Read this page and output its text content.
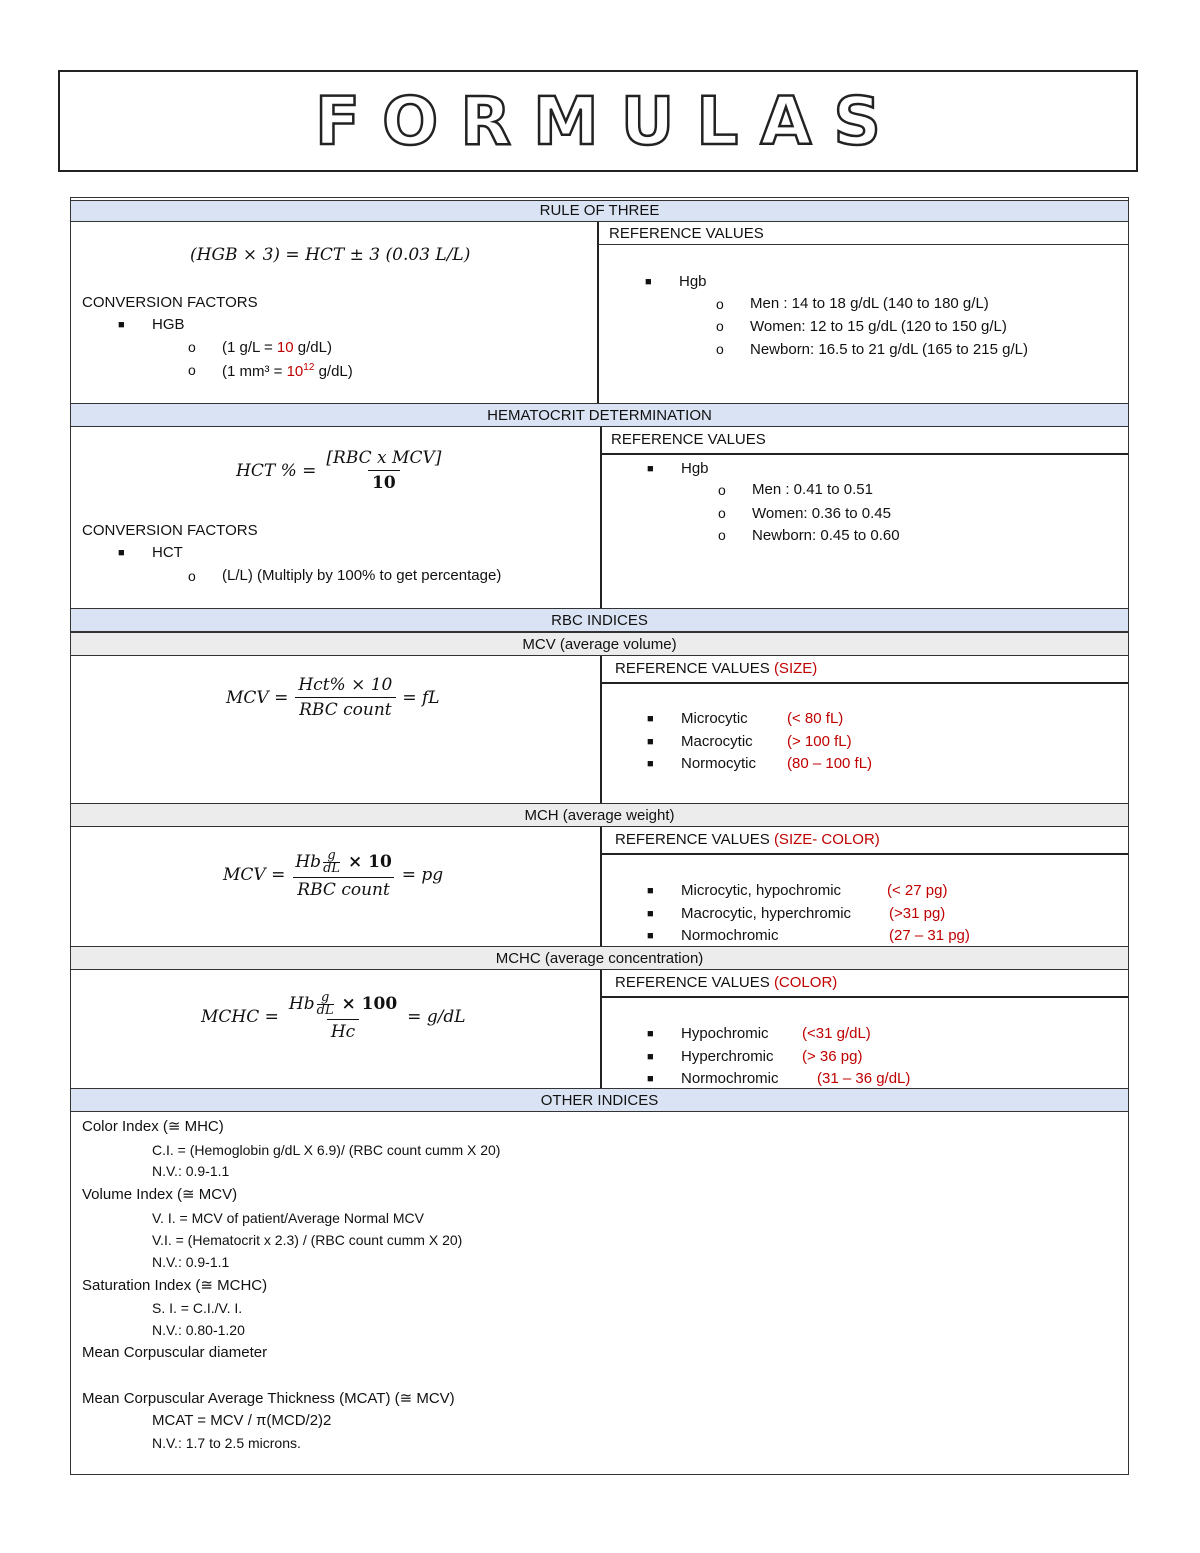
FORMULAS
RULE OF THREE
(HGB × 3) = HCT ± 3 (0.03 L/L)
CONVERSION FACTORS
■ HGB
o (1 g/L = 10 g/dL)
o (1 $mm^3 = 10^{12}$ g/dL)
REFERENCE VALUES
■ Hgb
o Men : 14 to 18 g/dL (140 to 180 g/L)
o Women: 12 to 15 g/dL (120 to 150 g/L)
o Newborn: 16.5 to 21 g/dL (165 to 215 g/L)
HEMATOCRIT DETERMINATION
HCT % = $\frac{\text{[RBC x MCV]}}{10}$
CONVERSION FACTORS
■ HCT
o (L/L) (Multiply by 100% to get percentage)
REFERENCE VALUES
■ Hgb
o Men : 0.41 to 0.51
o Women: 0.36 to 0.45
o Newborn: 0.45 to 0.60
RBC INDICES
MCV (average volume)
MCV = $\frac{\text{Hct\% × 10}}{\text{RBC count}}$ = fL
REFERENCE VALUES (SIZE)
■ Microcytic	(< 80 fL)
■ Macrocytic (> 100 fL)
■ Normocytic (80 – 100 fL)
MCH (average weight)
MCV = $\frac{Hb \frac{g}{dL} \times 10}{\text{RBC count}}$ = pg
REFERENCE VALUES (SIZE- COLOR)
■ Microcytic, hypochromic	(< 27 pg)
■ Macrocytic, hyperchromic	(>31 pg)
■ Normochromic	(27 – 31 pg)
MCHC (average concentration)
MCHC = $\frac{Hb \frac{g}{dL} \times 100}{Hc} = g/dL$
REFERENCE VALUES (COLOR)
■ Hypochromic (<31 g/dL)
■ Hyperchromic (> 36 pg)
■ Normochromic	(31 – 36 g/dL)
OTHER INDICES
Color Index (≅ MHC)
C.I. = (Hemoglobin g/dL X 6.9)/ (RBC count cumm X 20)
N.V.: 0.9-1.1
Volume Index (≅ MCV)
V. I. = MCV of patient/Average Normal MCV
V.I. = (Hematocrit x 2.3) / (RBC count cumm X 20)
N.V.: 0.9-1.1
Saturation Index (≅ MCHC)
S. I. = C.I./V. I.
N.V.: 0.80-1.20
Mean Corpuscular diameter
Mean Corpuscular Average Thickness (MCAT) (≅ MCV)
MCAT = MCV / π(MCD/2)2
N.V.: 1.7 to 2.5 microns.
